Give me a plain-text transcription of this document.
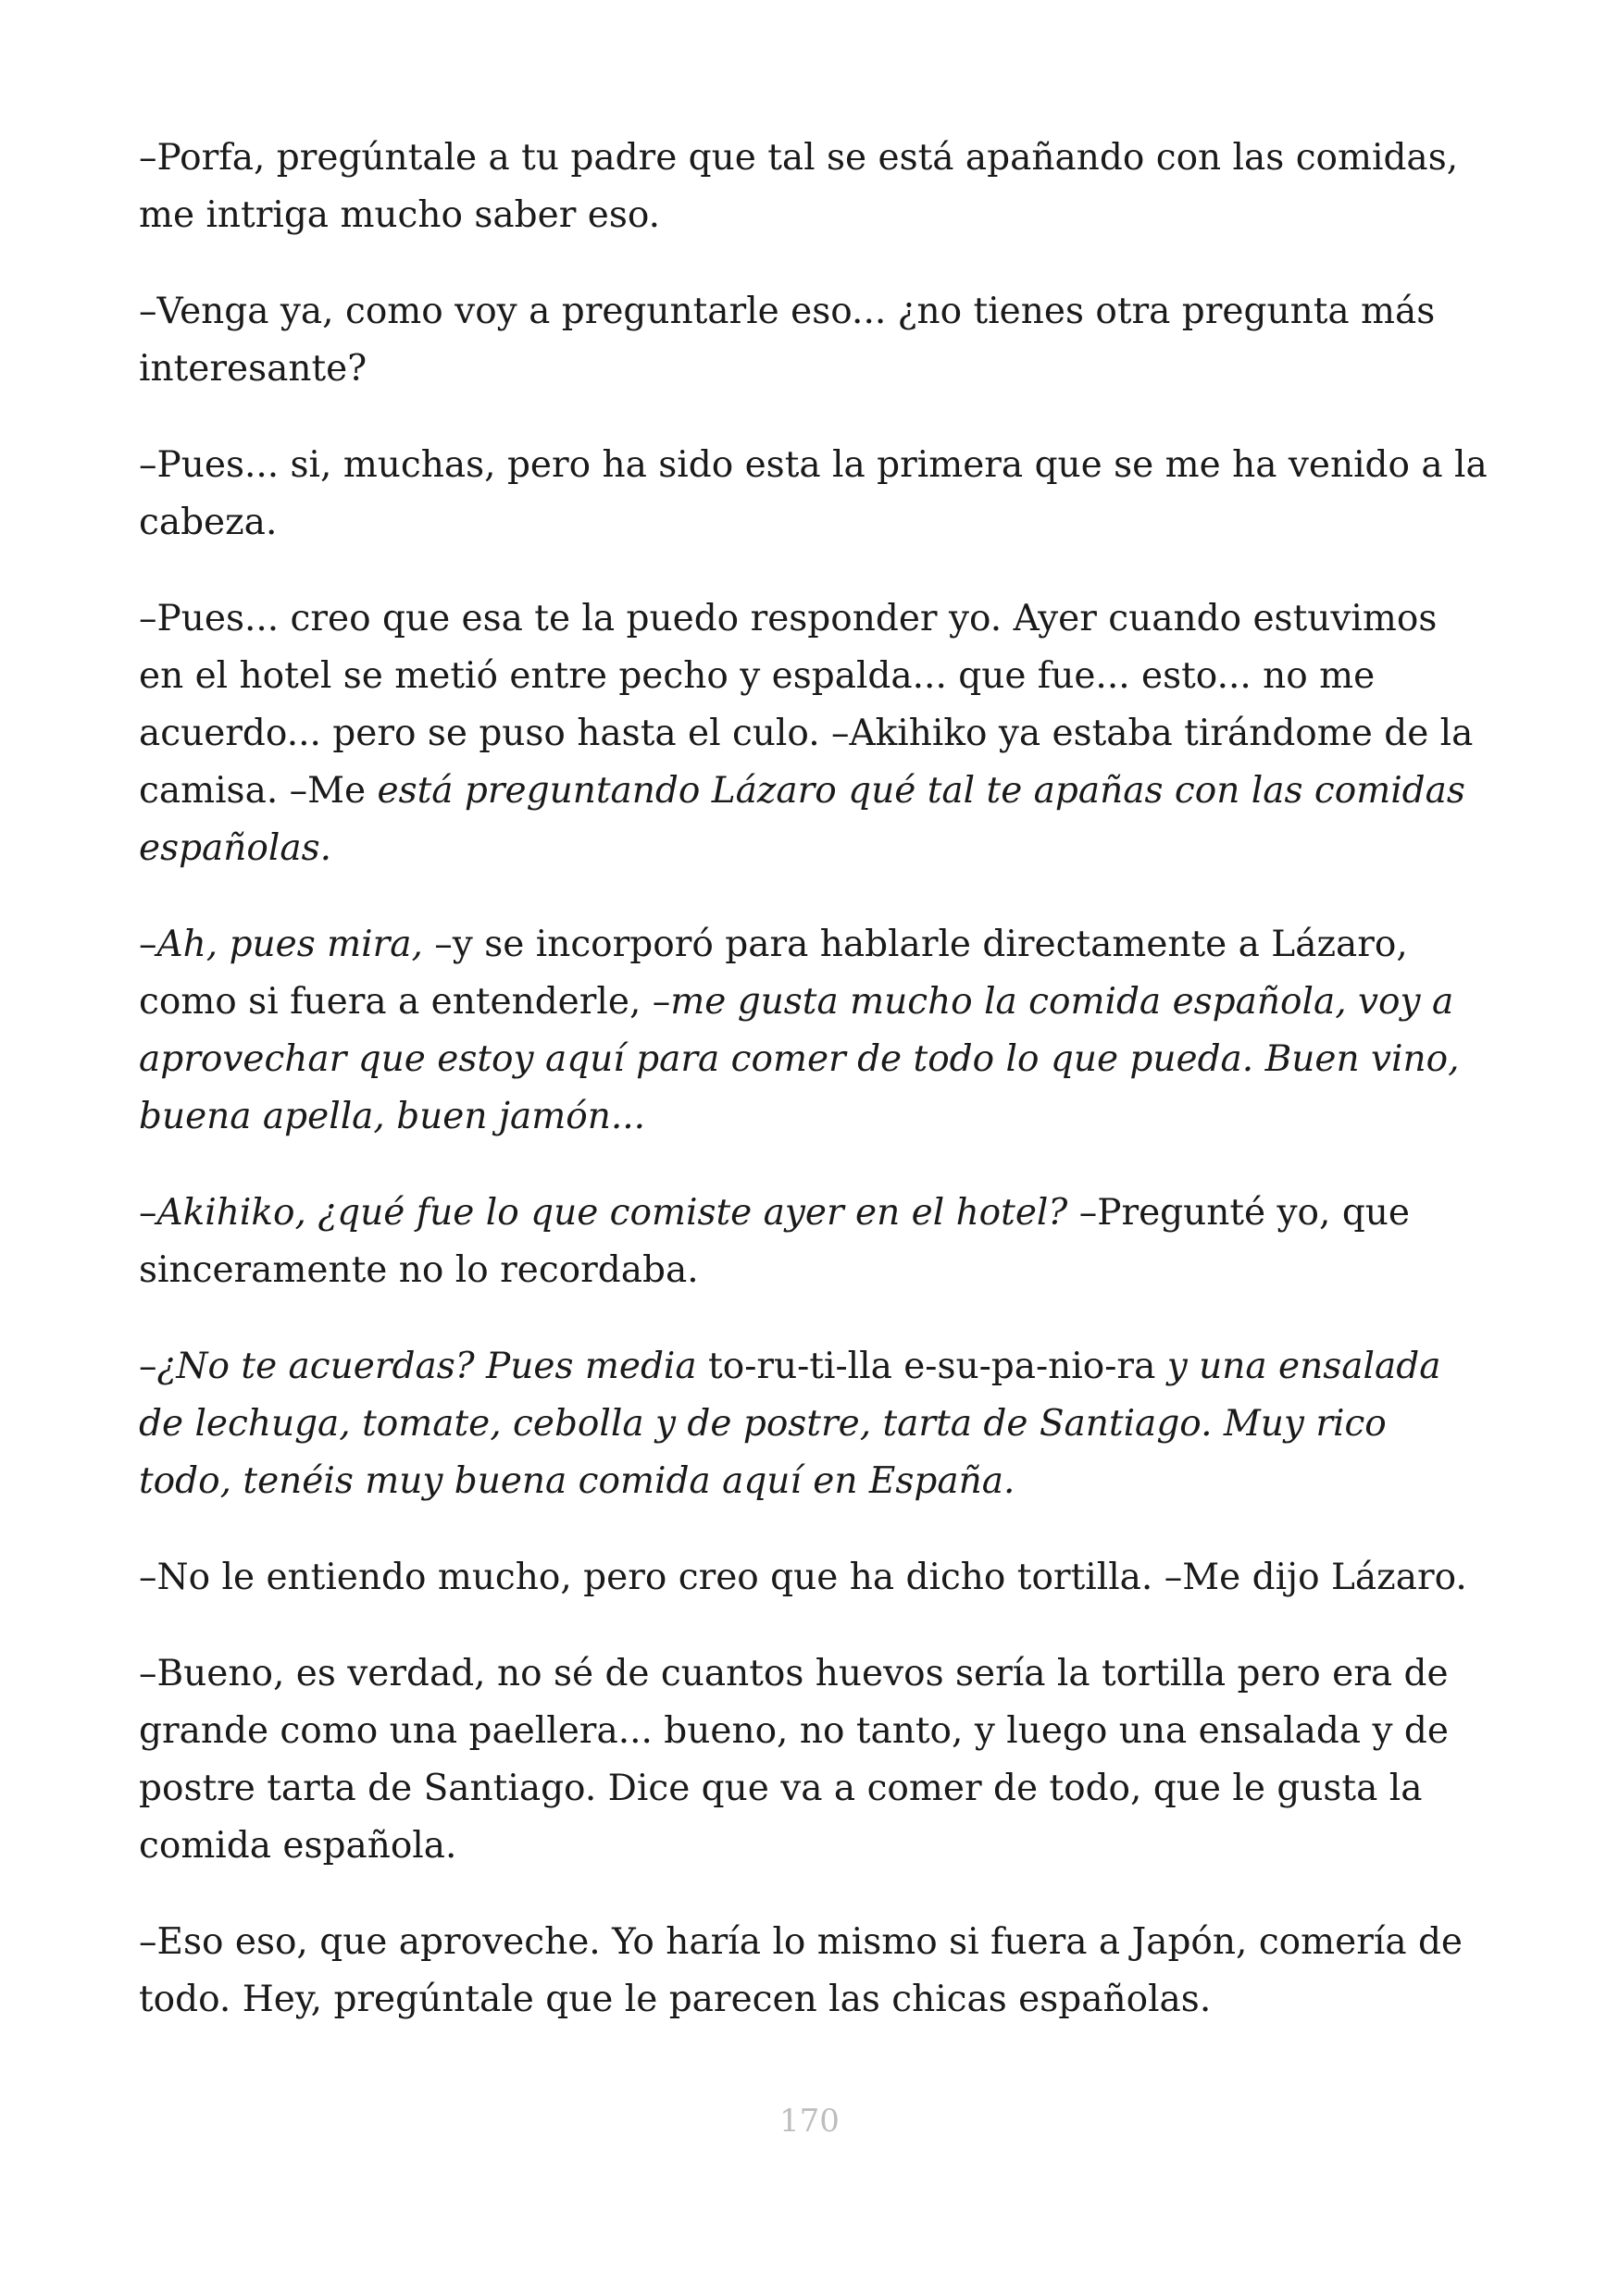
–Porfa, pregúntale a tu padre que tal se está apañando con las comidas, me intriga mucho saber eso.

–Venga ya, como voy a preguntarle eso... ¿no tienes otra pregunta más interesante?

–Pues... si, muchas, pero ha sido esta la primera que se me ha venido a la cabeza.

–Pues... creo que esa te la puedo responder yo. Ayer cuando estuvimos en el hotel se metió entre pecho y espalda... que fue... esto... no me acuerdo... pero se puso hasta el culo. –Akihiko ya estaba tirándome de la camisa. –Me está preguntando Lázaro qué tal te apañas con las comidas españolas.

–Ah, pues mira, –y se incorporó para hablarle directamente a Lázaro, como si fuera a entenderle, –me gusta mucho la comida española, voy a aprovechar que estoy aquí para comer de todo lo que pueda. Buen vino, buena apella, buen jamón...

–Akihiko, ¿qué fue lo que comiste ayer en el hotel? –Pregunté yo, que sinceramente no lo recordaba.

–¿No te acuerdas? Pues media to-ru-ti-lla e-su-pa-nio-ra y una ensalada de lechuga, tomate, cebolla y de postre, tarta de Santiago. Muy rico todo, tenéis muy buena comida aquí en España.

–No le entiendo mucho, pero creo que ha dicho tortilla. –Me dijo Lázaro.

–Bueno, es verdad, no sé de cuantos huevos sería la tortilla pero era de grande como una paellera... bueno, no tanto, y luego una ensalada y de postre tarta de Santiago. Dice que va a comer de todo, que le gusta la comida española.

–Eso eso, que aproveche. Yo haría lo mismo si fuera a Japón, comería de todo. Hey, pregúntale que le parecen las chicas españolas.

170
